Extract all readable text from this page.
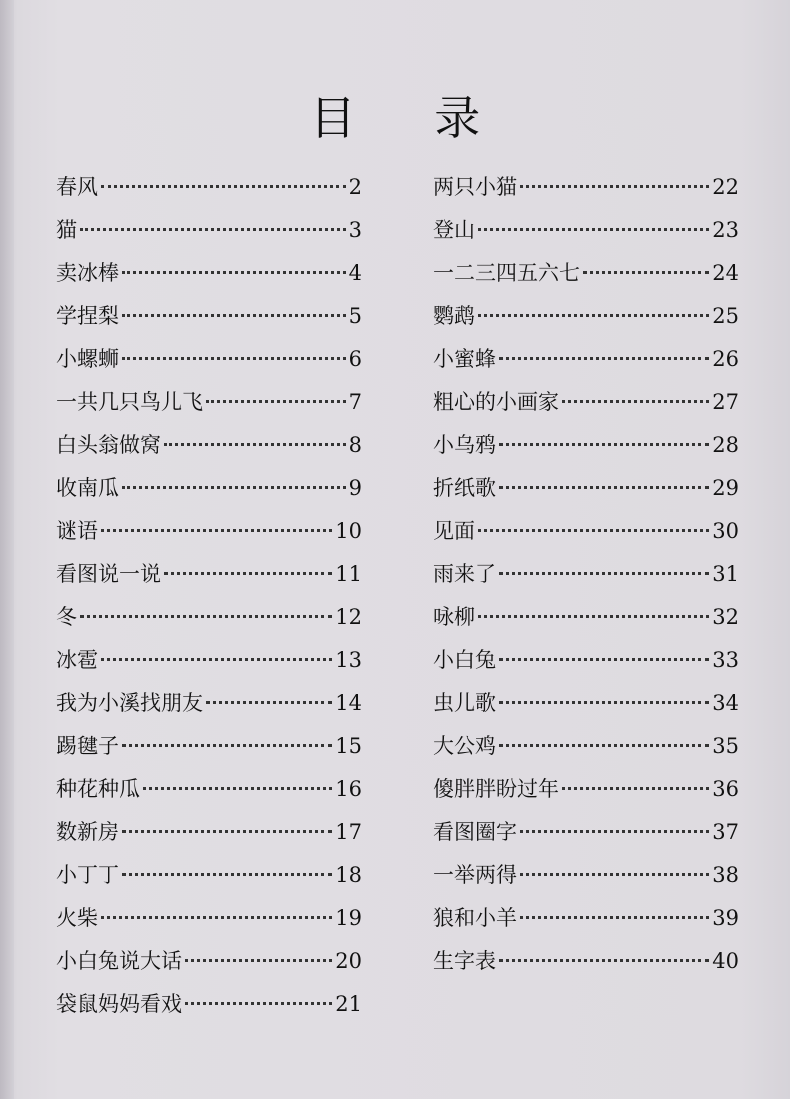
目 录
春风	2
猫	3
卖冰棒	4
学捏梨	5
小螺蛳	6
一共几只鸟儿飞	7
白头翁做窝	8
收南瓜	9
谜语	10
看图说一说	11
冬	12
冰雹	13
我为小溪找朋友	14
踢毽子	15
种花种瓜	16
数新房	17
小丁丁	18
火柴	19
小白兔说大话	20
袋鼠妈妈看戏	21
两只小猫	22
登山	23
一二三四五六七	24
鹦鹉	25
小蜜蜂	26
粗心的小画家	27
小乌鸦	28
折纸歌	29
见面	30
雨来了	31
咏柳	32
小白兔	33
虫儿歌	34
大公鸡	35
傻胖胖盼过年	36
看图圈字	37
一举两得	38
狼和小羊	39
生字表	40
